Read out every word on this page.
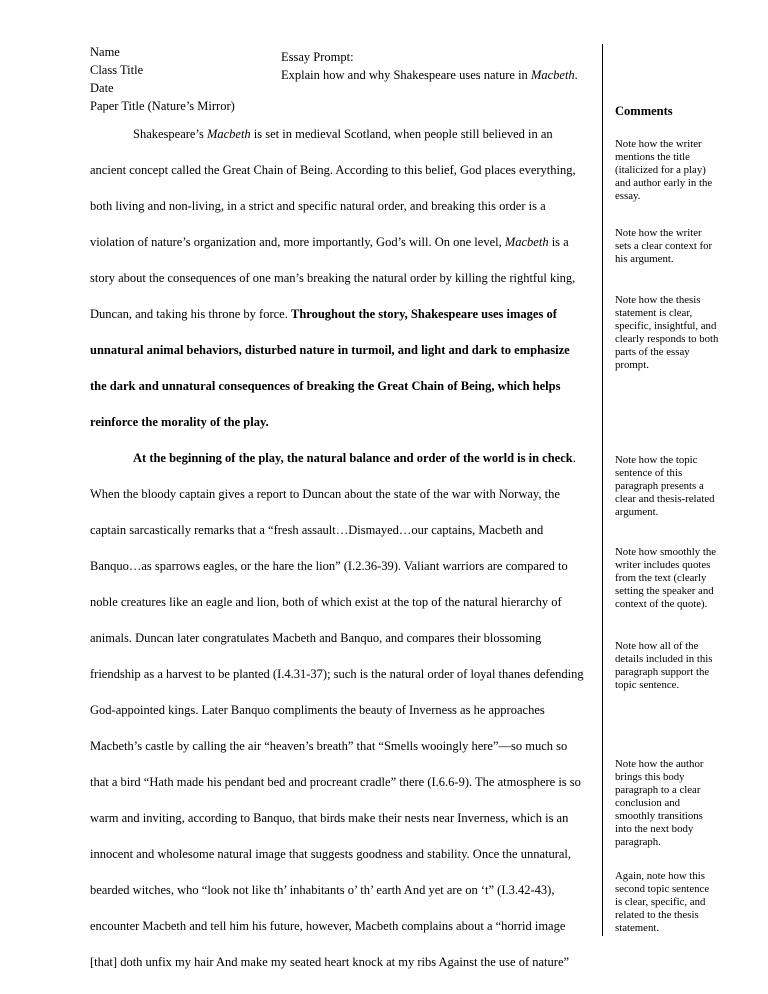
Name
Class Title
Date
Paper Title (Nature’s Mirror)
Essay Prompt:
Explain how and why Shakespeare uses nature in Macbeth.
Shakespeare’s Macbeth is set in medieval Scotland, when people still believed in an
ancient concept called the Great Chain of Being. According to this belief, God places everything,
both living and non-living, in a strict and specific natural order, and breaking this order is a
violation of nature’s organization and, more importantly, God’s will. On one level, Macbeth is a
story about the consequences of one man’s breaking the natural order by killing the rightful king,
Duncan, and taking his throne by force. Throughout the story, Shakespeare uses images of
unnatural animal behaviors, disturbed nature in turmoil, and light and dark to emphasize
the dark and unnatural consequences of breaking the Great Chain of Being, which helps
reinforce the morality of the play.
At the beginning of the play, the natural balance and order of the world is in check.
When the bloody captain gives a report to Duncan about the state of the war with Norway, the
captain sarcastically remarks that a “fresh assault…Dismayed…our captains, Macbeth and
Banquo…as sparrows eagles, or the hare the lion” (I.2.36-39). Valiant warriors are compared to
noble creatures like an eagle and lion, both of which exist at the top of the natural hierarchy of
animals. Duncan later congratulates Macbeth and Banquo, and compares their blossoming
friendship as a harvest to be planted (I.4.31-37); such is the natural order of loyal thanes defending
God-appointed kings. Later Banquo compliments the beauty of Inverness as he approaches
Macbeth’s castle by calling the air “heaven’s breath” that “Smells wooingly here”—so much so
that a bird “Hath made his pendant bed and procreant cradle” there (I.6.6-9). The atmosphere is so
warm and inviting, according to Banquo, that birds make their nests near Inverness, which is an
innocent and wholesome natural image that suggests goodness and stability. Once the unnatural,
bearded witches, who “look not like th’ inhabitants o’ th’ earth And yet are on ‘t” (I.3.42-43),
encounter Macbeth and tell him his future, however, Macbeth complains about a “horrid image
[that] doth unfix my hair And make my seated heart knock at my ribs Against the use of nature”
Comments
Note how the writer
mentions the title
(italicized for a play)
and author early in the
essay.
Note how the writer
sets a clear context for
his argument.
Note how the thesis
statement is clear,
specific, insightful, and
clearly responds to both
parts of the essay
prompt.
Note how the topic
sentence of this
paragraph presents a
clear and thesis-related
argument.
Note how smoothly the
writer includes quotes
from the text (clearly
setting the speaker and
context of the quote).
Note how all of the
details included in this
paragraph support the
topic sentence.
Note how the author
brings this body
paragraph to a clear
conclusion and
smoothly transitions
into the next body
paragraph.
Again, note how this
second topic sentence
is clear, specific, and
related to the thesis
statement.
